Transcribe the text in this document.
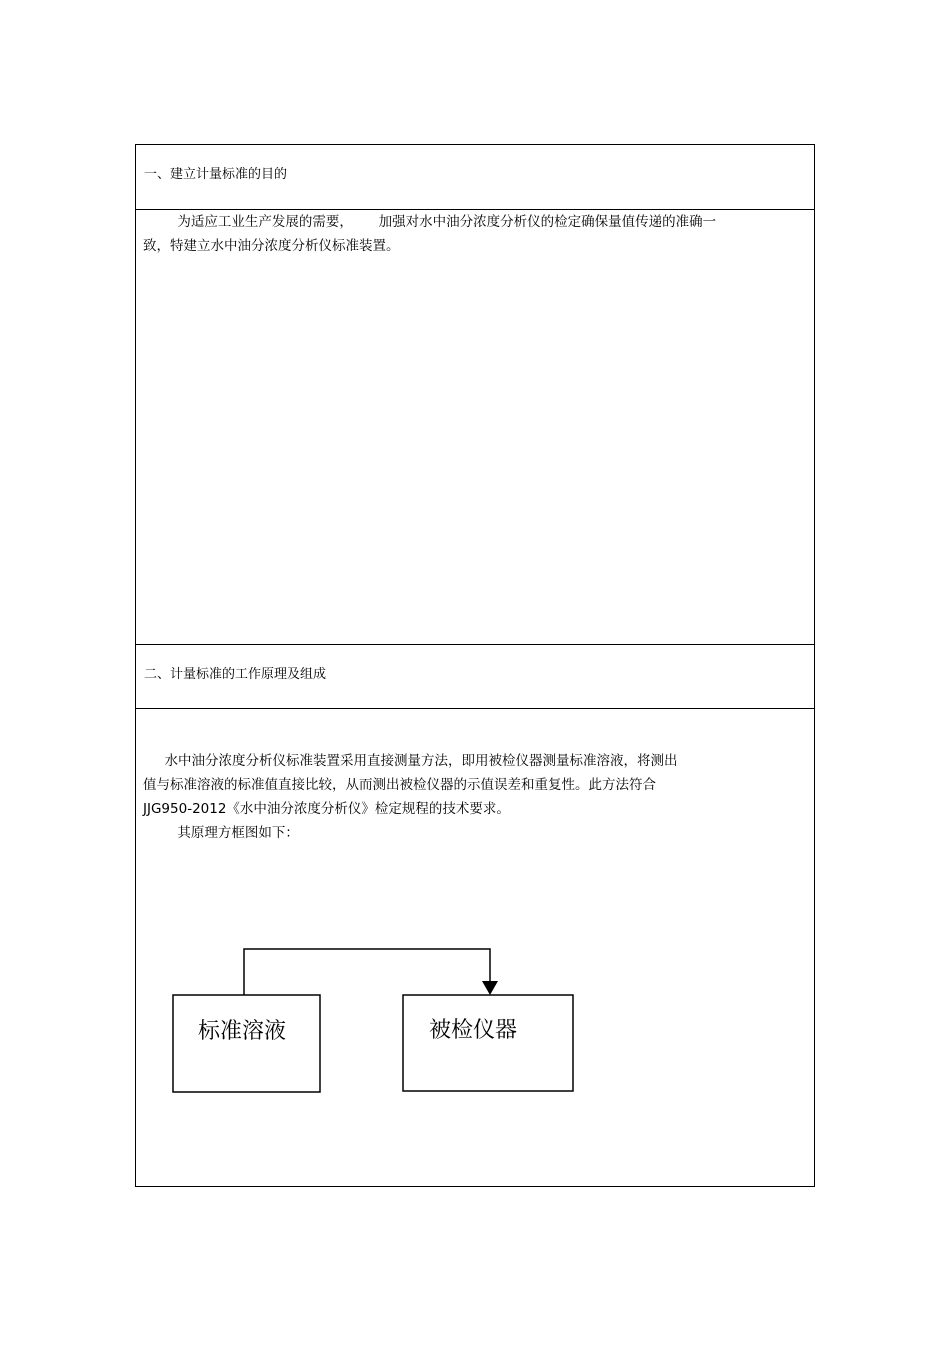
一、建立计量标准的目的
为适应工业生产发展的需要，      加强对水中油分浓度分析仪的检定确保量值传递的准确一
致，特建立水中油分浓度分析仪标准装置。
二、计量标准的工作原理及组成
水中油分浓度分析仪标准装置采用直接测量方法，即用被检仪器测量标准溶液，将测出
值与标准溶液的标准值直接比较，从而测出被检仪器的示值误差和重复性。此方法符合
JJG950-2012《水中油分浓度分析仪》检定规程的技术要求。
其原理方框图如下：
标准溶液	被检仪器
